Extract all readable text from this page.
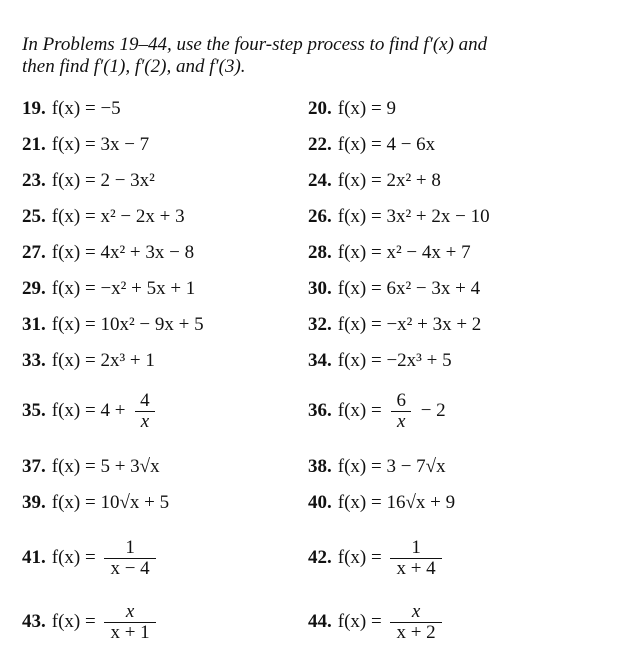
In Problems 19–44, use the four-step process to find f′(x) and
then find f′(1), f′(2), and f′(3).
19. f(x) = −5	20. f(x) = 9
21. f(x) = 3x − 7	22. f(x) = 4 − 6x
23. f(x) = 2 − 3x²	24. f(x) = 2x² + 8
25. f(x) = x² − 2x + 3	26. f(x) = 3x² + 2x − 10
27. f(x) = 4x² + 3x − 8	28. f(x) = x² − 4x + 7
29. f(x) = −x² + 5x + 1	30. f(x) = 6x² − 3x + 4
31. f(x) = 10x² − 9x + 5	32. f(x) = −x² + 3x + 2
33. f(x) = 2x³ + 1	34. f(x) = −2x³ + 5
35. $f(x) = 4 + \frac{4}{x}$	36. $f(x) = \frac{6}{x} - 2$
37. f(x) = 5 + 3√x	38. f(x) = 3 − 7√x
39. f(x) = 10√x + 5	40. f(x) = 16√x + 9
41. $f(x) = \frac{1}{x - 4}$	42. $f(x) = \frac{1}{x + 4}$
43. $f(x) = \frac{x}{x + 1}$	44. $f(x) = \frac{x}{x + 2}$
